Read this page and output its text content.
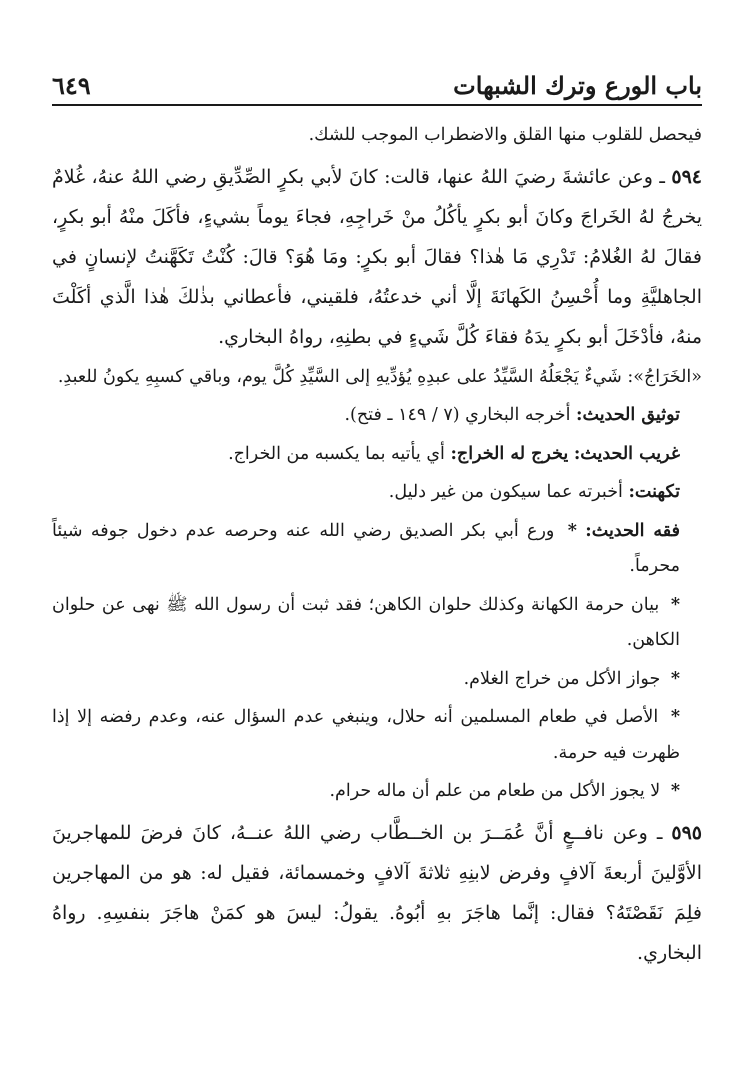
باب الورع وترك الشبهات
٦٤٩

فيحصل للقلوب منها القلق والاضطراب الموجب للشك.

٥٩٤ ـ وعن عائشةَ رضيَ اللهُ عنها، قالت: كانَ لأبي بكرٍ الصِّدِّيقِ رضي اللهُ عنهُ، غُلامٌ يخرجُ لهُ الخَراجَ وكانَ أبو بكرٍ يأكُلُ منْ خَراجِهِ، فجاءَ يوماً بشيءٍ، فأكَلَ منْهُ أبو بكرٍ، فقالَ لهُ الغُلامُ: تَدْرِي مَا هٰذا؟ فقالَ أبو بكرٍ: ومَا هُوَ؟ قالَ: كُنْتُ تَكَهَّنتُ لإنسانٍ في الجاهليَّةِ وما أُحْسِنُ الكَهانَةَ إلَّا أني خدعتُهُ، فلقيني، فأعطاني بذٰلكَ هٰذا الَّذي أكَلْتَ منهُ، فأدْخَلَ أبو بكرٍ يدَهُ فقاءَ كُلَّ شَيءٍ في بطنِهِ، رواهُ البخاري.

«الخَرَاجُ»: شَيءٌ يَجْعَلُهُ السَّيِّدُ على عبدِهِ يُؤدِّيهِ إلى السَّيِّدِ كُلَّ يوم، وباقي كسبِهِ يكونُ للعبدِ.

توثيق الحديث: أخرجه البخاري (٧ / ١٤٩ ـ فتح).

غريب الحديث: يخرج له الخراج: أي يأتيه بما يكسبه من الخراج.

تكهنت: أخبرته عما سيكون من غير دليل.

فقه الحديث: * ورع أبي بكر الصديق رضي الله عنه وحرصه عدم دخول جوفه شيئاً محرماً.

* بيان حرمة الكهانة وكذلك حلوان الكاهن؛ فقد ثبت أن رسول الله ﷺ نهى عن حلوان الكاهن.

* جواز الأكل من خراج الغلام.

* الأصل في طعام المسلمين أنه حلال، وينبغي عدم السؤال عنه، وعدم رفضه إلا إذا ظهرت فيه حرمة.

* لا يجوز الأكل من طعام من علم أن ماله حرام.

٥٩٥ ـ وعن نافــعٍ أنَّ عُمَــرَ بن الخــطَّاب رضي اللهُ عنــهُ، كانَ فرضَ للمهاجرينَ الأوَّلينَ أربعةَ آلافٍ وفرض لابنِهِ ثلاثةَ آلافٍ وخمسمائة، فقيل له: هو من المهاجرين فلِمَ نَقَصْتَهُ؟ فقال: إنَّما هاجَرَ بهِ أبُوهُ. يقولُ: ليسَ هو كمَنْ هاجَرَ بنفسِهِ. رواهُ البخاري.
